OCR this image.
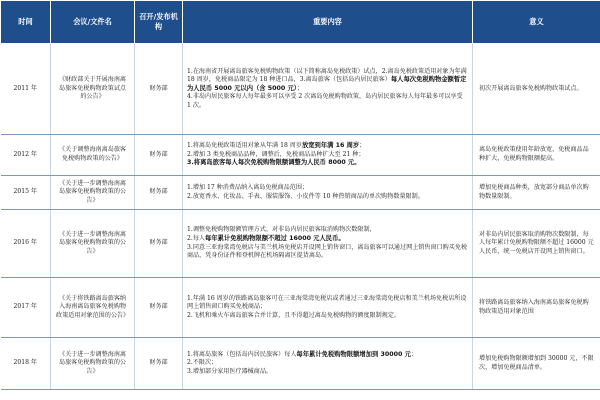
时间	会议/文件名	召开/发布机构	重要内容	意义
2011 年	《财政部关于开展海南离岛旅客免税购物政策试点的公告》	财务部	1.在海南省开展离岛旅客免税购物政策（以下简称离岛免税政策）试点，2.离岛免税政策适用对象为年满 18 周岁，免税商品限定为 18 种进口品，3.离岛旅客（包括岛内居民旅客）每人每次免税购物金额暂定为人民币 5000 元以内（含 5000 元）；
4.非岛内居民旅客每人每年最多可以享受 2 次离岛免税购物政策，岛内居民旅客每人每年最多可以享受 1 次。	初次开展离岛旅客免税购物政策试点。
2012 年	《关于调整海南离岛旅客免税购物政策的公告》	财务部	1.将离岛免税政策适用对象从年满 18 周岁放宽到年满 16 周岁；
2.增加 3 类免税商品品种，调整后，免税商品品种扩大至 21 种；
3.将离岛旅客每人每次免税购物限额调整为人民币 8000 元。	离岛免税政策使用年龄放宽，免税商品品种扩大，免税购物限额提高。
2015 年	《关于进一步调整海南离岛旅客免税购物政策的公告》	财务部	1.增加 17 种消费品纳入离岛免税商品范围；
2.放宽香水、化妆品、手表、服装服饰、小皮件等 10 种热销商品的单次购物数量限制。	增加免税商品种类，放宽部分商品单次购物数量限制。
2016 年	《关于进一步调整海南离岛旅客免税购物政策的公告》	财务部	1.调整免税购物限额管理方式，对非岛内居民旅客取消购物次数限制，
2.每人每年累计免税购物限额不超过 16000 元人民币。
3.同意三亚海棠湾免税店与美兰机场免税店开设网上销售窗口，离岛旅客可以通过网上销售窗口购买免税商品，凭身份证件和登机牌在机场隔离区提货离岛。	对非岛内居民旅客取消购物次数限制，每人每年累计免税购物限额不超过 16000 元人民币，统一免税店开设网上销售窗口。
2017 年	《关于将铁路离岛旅客纳入海南离岛旅客免税购物政策适用对象范围的公告》	财务部	1.年满 16 周岁的铁路离岛旅客可在三亚海棠湾免税店或者通过三亚海棠湾免税店和美兰机场免税店所设网上销售窗口购买免税商品；
2.飞机和乘火车离岛旅客合并计算，且不得超过离岛免税购物的额度限制规定。	将铁路离岛旅客纳入海南离岛旅客免税购物政策适用对象范围
2018 年	《关于进一步调整海南离岛旅客免税购物政策的公告》	财务部	1.将离岛旅客（包括岛内居民旅客）每人每年累计免税购物限额增加到 30000 元；
2.不限次；
3.增加部分家用医疗器械商品。	增加免税购物限额增加到 30000 元，不限次，增加免税商品清单。
